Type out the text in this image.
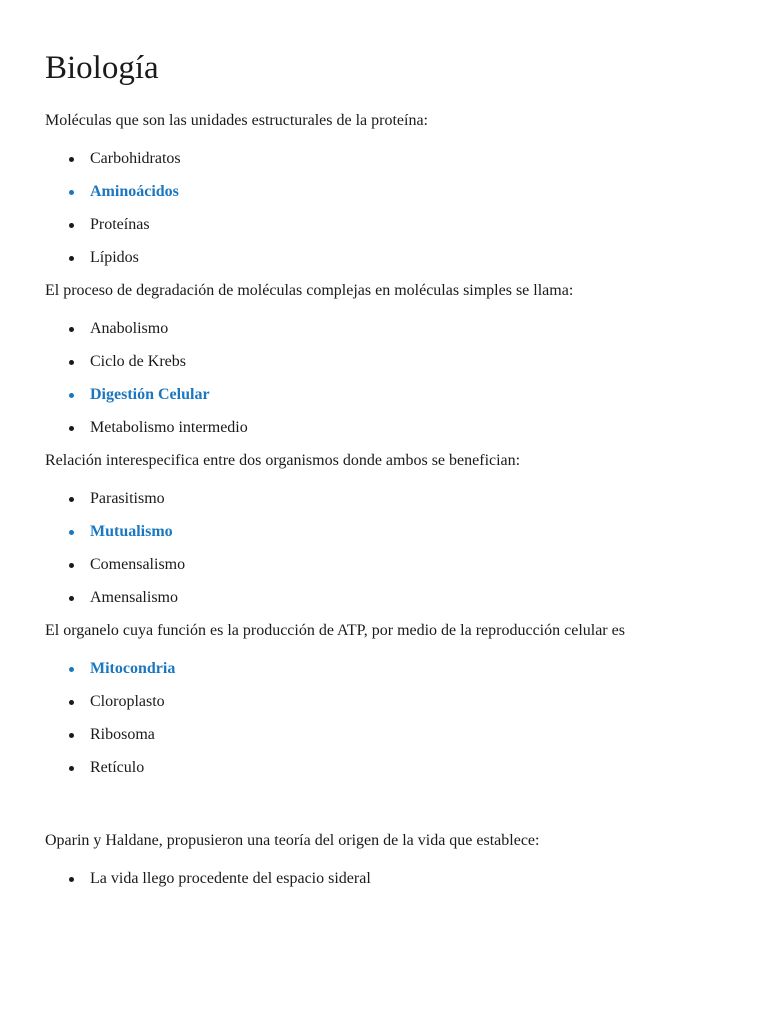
Biología

Moléculas que son las unidades estructurales de la proteína:

Carbohidratos
Aminoácidos
Proteínas
Lípidos

El proceso de degradación de moléculas complejas en moléculas simples se llama:

Anabolismo
Ciclo de Krebs
Digestión Celular
Metabolismo intermedio

Relación interespecifica entre dos organismos donde ambos se benefician:

Parasitismo
Mutualismo
Comensalismo
Amensalismo

El organelo cuya función es la producción de ATP, por medio de la reproducción celular es

Mitocondria
Cloroplasto
Ribosoma
Retículo

Oparin y Haldane, propusieron una teoría del origen de la vida que establece:

La vida llego procedente del espacio sideral
